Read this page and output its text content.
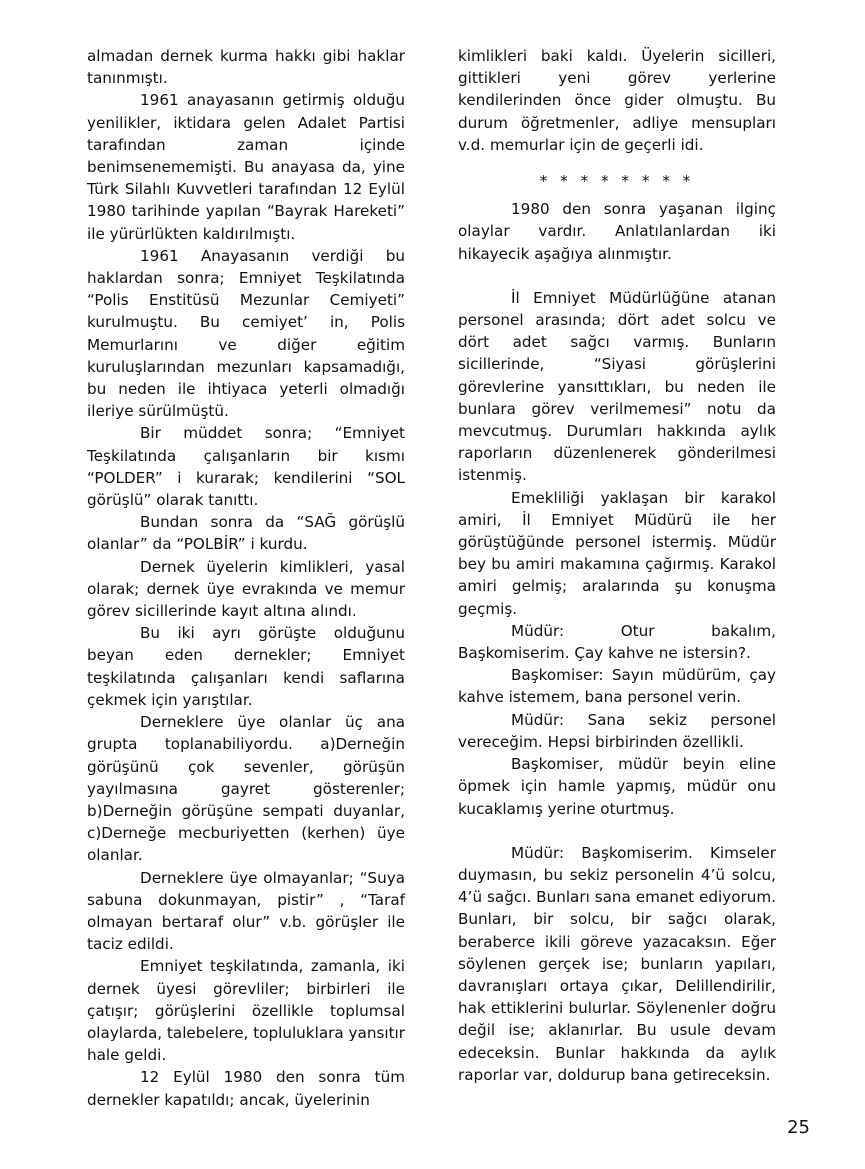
almadan dernek kurma hakkı gibi haklar tanınmıştı.

1961 anayasanın getirmiş olduğu yenilikler, iktidara gelen Adalet Partisi tarafından zaman içinde benimsenememişti. Bu anayasa da, yine Türk Silahlı Kuvvetleri tarafından 12 Eylül 1980 tarihinde yapılan “Bayrak Hareketi” ile yürürlükten kaldırılmıştı.

1961 Anayasanın verdiği bu haklardan sonra; Emniyet Teşkilatında “Polis Enstitüsü Mezunlar Cemiyeti” kurulmuştu. Bu cemiyet’ in, Polis Memurlarını ve diğer eğitim kuruluşlarından mezunları kapsamadığı, bu neden ile ihtiyaca yeterli olmadığı ileriye sürülmüştü.

Bir müddet sonra; “Emniyet Teşkilatında çalışanların bir kısmı “POLDER” i kurarak; kendilerini “SOL görüşlü” olarak tanıttı.

Bundan sonra da “SAĞ görüşlü olanlar” da “POLBİR” i kurdu.

Dernek üyelerin kimlikleri, yasal olarak; dernek üye evrakında ve memur görev sicillerinde kayıt altına alındı.

Bu iki ayrı görüşte olduğunu beyan eden dernekler; Emniyet teşkilatında çalışanları kendi saflarına çekmek için yarıştılar.

Derneklere üye olanlar üç ana grupta toplanabiliyordu. a)Derneğin görüşünü çok sevenler, görüşün yayılmasına gayret gösterenler; b)Derneğin görüşüne sempati duyanlar, c)Derneğe mecburiyetten (kerhen) üye olanlar.

Derneklere üye olmayanlar; “Suya sabuna dokunmayan, pistir” , “Taraf olmayan bertaraf olur” v.b. görüşler ile taciz edildi.

Emniyet teşkilatında, zamanla, iki dernek üyesi görevliler; birbirleri ile çatışır; görüşlerini özellikle toplumsal olaylarda, talebelere, topluluklara yansıtır hale geldi.

12 Eylül 1980 den sonra tüm dernekler kapatıldı; ancak, üyelerinin

kimlikleri baki kaldı. Üyelerin sicilleri, gittikleri yeni görev yerlerine kendilerinden önce gider olmuştu. Bu durum öğretmenler, adliye mensupları v.d. memurlar için de geçerli idi.

* * * * * * * *

1980 den sonra yaşanan ilginç olaylar vardır. Anlatılanlardan iki hikayecik aşağıya alınmıştır.

İl Emniyet Müdürlüğüne atanan personel arasında; dört adet solcu ve dört adet sağcı varmış. Bunların sicillerinde, “Siyasi görüşlerini görevlerine yansıttıkları, bu neden ile bunlara görev verilmemesi” notu da mevcutmuş. Durumları hakkında aylık raporların düzenlenerek gönderilmesi istenmiş.

Emekliliği yaklaşan bir karakol amiri, İl Emniyet Müdürü ile her görüştüğünde personel istermiş. Müdür bey bu amiri makamına çağırmış. Karakol amiri gelmiş; aralarında şu konuşma geçmiş.

Müdür: Otur bakalım, Başkomiserim. Çay kahve ne istersin?.

Başkomiser: Sayın müdürüm, çay kahve istemem, bana personel verin.

Müdür: Sana sekiz personel vereceğim. Hepsi birbirinden özellikli.

Başkomiser, müdür beyin eline öpmek için hamle yapmış, müdür onu kucaklamış yerine oturtmuş.

Müdür: Başkomiserim. Kimseler duymasın, bu sekiz personelin 4’ü solcu, 4’ü sağcı. Bunları sana emanet ediyorum. Bunları, bir solcu, bir sağcı olarak, beraberce ikili göreve yazacaksın. Eğer söylenen gerçek ise; bunların yapıları, davranışları ortaya çıkar, Delillendirilir, hak ettiklerini bulurlar. Söylenenler doğru değil ise; aklanırlar. Bu usule devam edeceksin. Bunlar hakkında da aylık raporlar var, doldurup bana getireceksin.

25
